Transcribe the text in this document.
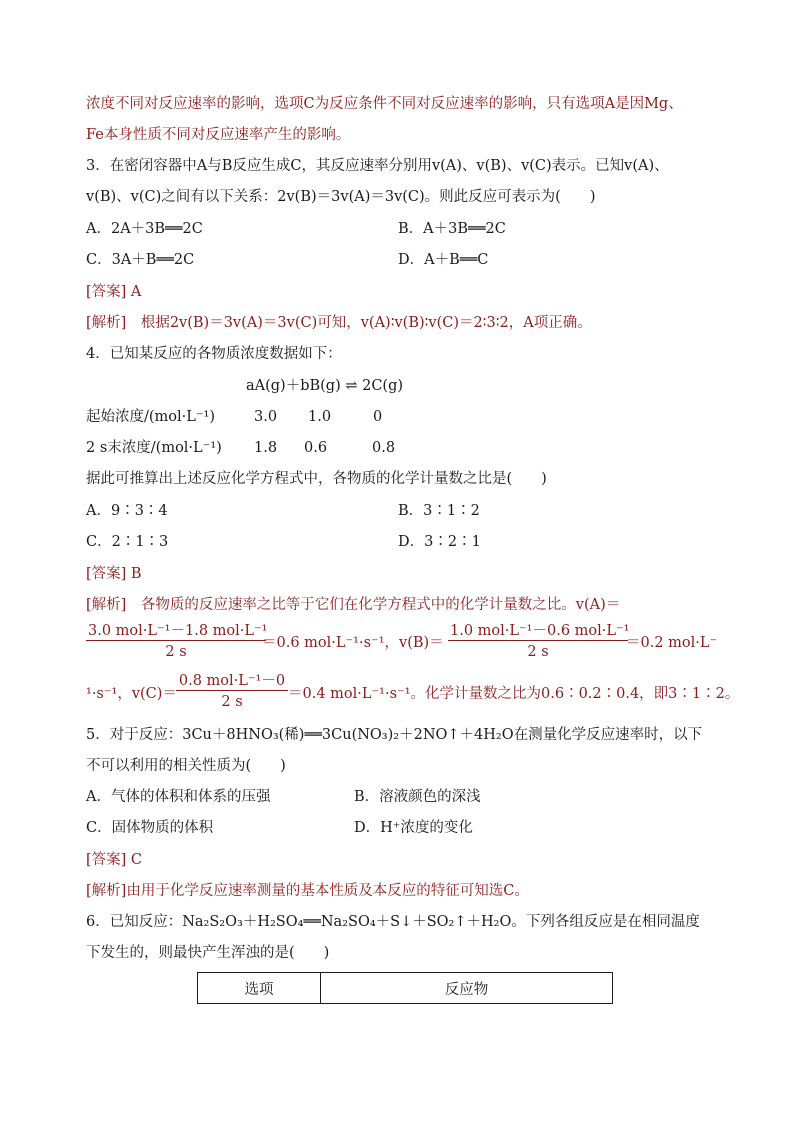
浓度不同对反应速率的影响，选项C为反应条件不同对反应速率的影响，只有选项A是因Mg、
Fe本身性质不同对反应速率产生的影响。
3．在密闭容器中A与B反应生成C，其反应速率分别用v(A)、v(B)、v(C)表示。已知v(A)、
v(B)、v(C)之间有以下关系：2v(B)＝3v(A)＝3v(C)。则此反应可表示为(　　)
A．2A＋3B══2C	B．A＋3B══2C
C．3A＋B══2C	D．A＋B══C
[答案] A
[解析]　根据2v(B)＝3v(A)＝3v(C)可知，v(A)∶v(B)∶v(C)＝2∶3∶2，A项正确。
4．已知某反应的各物质浓度数据如下：
aA(g)＋bB(g) ⇌ 2C(g)
起始浓度/(mol·L⁻¹)	3.0 1.0	0
2 s末浓度/(mol·L⁻¹) 1.8 0.6	0.8
据此可推算出上述反应化学方程式中，各物质的化学计量数之比是(　　)
A．9∶3∶4	B．3∶1∶2
C．2∶1∶3	D．3∶2∶1
[答案] B
[解析]　各物质的反应速率之比等于它们在化学方程式中的化学计量数之比。v(A)＝
3.0 mol·L⁻¹－1.8 mol·L⁻¹
2 s
＝0.6 mol·L⁻¹·s⁻¹，v(B)＝
1.0 mol·L⁻¹－0.6 mol·L⁻¹
2 s
＝0.2 mol·L⁻
¹·s⁻¹，v(C)＝
0.8 mol·L⁻¹－0
2 s	＝0.4 mol·L⁻¹·s⁻¹。化学计量数之比为0.6∶0.2∶0.4，即3∶1∶2。
5．对于反应：3Cu＋8HNO₃(稀)══3Cu(NO₃)₂＋2NO↑＋4H₂O在测量化学反应速率时，以下
不可以利用的相关性质为(　　)
A．气体的体积和体系的压强	B．溶液颜色的深浅
C．固体物质的体积	D．H⁺浓度的变化
[答案] C
[解析]由用于化学反应速率测量的基本性质及本反应的特征可知选C。
6．已知反应：Na₂S₂O₃＋H₂SO₄══Na₂SO₄＋S↓＋SO₂↑＋H₂O。下列各组反应是在相同温度
下发生的，则最快产生浑浊的是(　　)
选项	反应物
